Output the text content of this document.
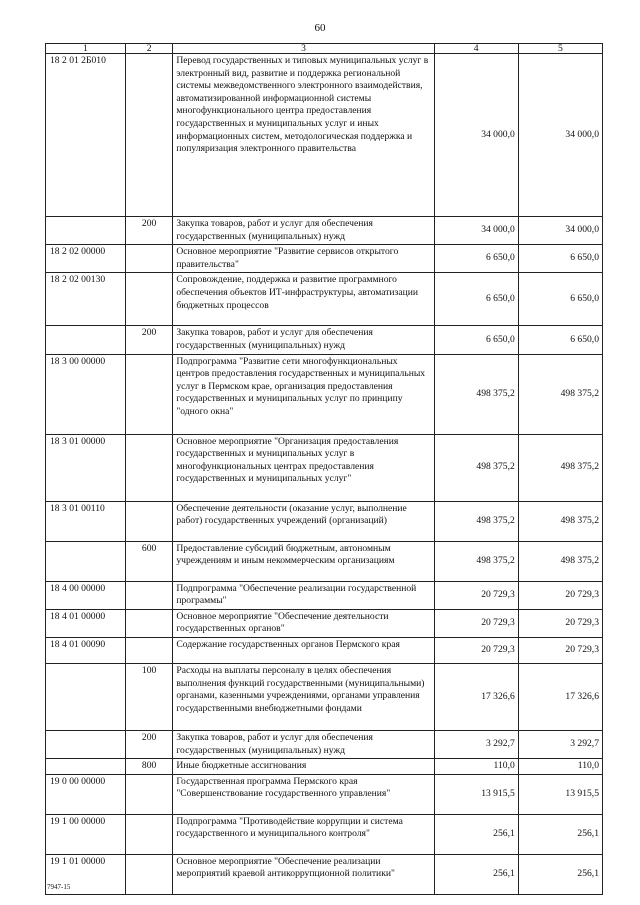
60
1	2	3	4	5
18 2 01 2Б010		Перевод государственных и типовых муниципальных услуг в электронный вид, развитие и поддержка региональной системы межведомственного электронного взаимодействия, автоматизированной информационной системы многофункционального центра предоставления государственных и муниципальных услуг и иных информационных систем, методологическая поддержка и популяризация электронного правительства	34 000,0	34 000,0
	200	Закупка товаров, работ и услуг для обеспечения государственных (муниципальных) нужд	34 000,0	34 000,0
18 2 02 00000		Основное мероприятие "Развитие сервисов открытого правительства"	6 650,0	6 650,0
18 2 02 00130		Сопровождение, поддержка и развитие программного обеспечения объектов ИТ-инфраструктуры, автоматизации бюджетных процессов	6 650,0	6 650,0
	200	Закупка товаров, работ и услуг для обеспечения государственных (муниципальных) нужд	6 650,0	6 650,0
18 3 00 00000		Подпрограмма "Развитие сети многофункциональных центров предоставления государственных и муниципальных услуг в Пермском крае, организация предоставления государственных и муниципальных услуг по принципу "одного окна"	498 375,2	498 375,2
18 3 01 00000		Основное мероприятие "Организация предоставления государственных и муниципальных услуг в многофункциональных центрах предоставления государственных и муниципальных услуг"	498 375,2	498 375,2
18 3 01 00110		Обеспечение деятельности (оказание услуг, выполнение работ) государственных учреждений (организаций)	498 375,2	498 375,2
	600	Предоставление субсидий бюджетным, автономным учреждениям и иным некоммерческим организациям	498 375,2	498 375,2
18 4 00 00000		Подпрограмма "Обеспечение реализации государственной программы"	20 729,3	20 729,3
18 4 01 00000		Основное мероприятие "Обеспечение деятельности государственных органов"	20 729,3	20 729,3
18 4 01 00090		Содержание государственных органов Пермского края	20 729,3	20 729,3
	100	Расходы на выплаты персоналу в целях обеспечения выполнения функций государственными (муниципальными) органами, казенными учреждениями, органами управления государственными внебюджетными фондами	17 326,6	17 326,6
	200	Закупка товаров, работ и услуг для обеспечения государственных (муниципальных) нужд	3 292,7	3 292,7
	800	Иные бюджетные ассигнования	110,0	110,0
19 0 00 00000		Государственная программа Пермского края "Совершенствование государственного управления"	13 915,5	13 915,5
19 1 00 00000		Подпрограмма "Противодействие коррупции и система государственного и муниципального контроля"	256,1	256,1
19 1 01 00000		Основное мероприятие "Обеспечение реализации мероприятий краевой антикоррупционной политики"	256,1	256,1
7947-15
